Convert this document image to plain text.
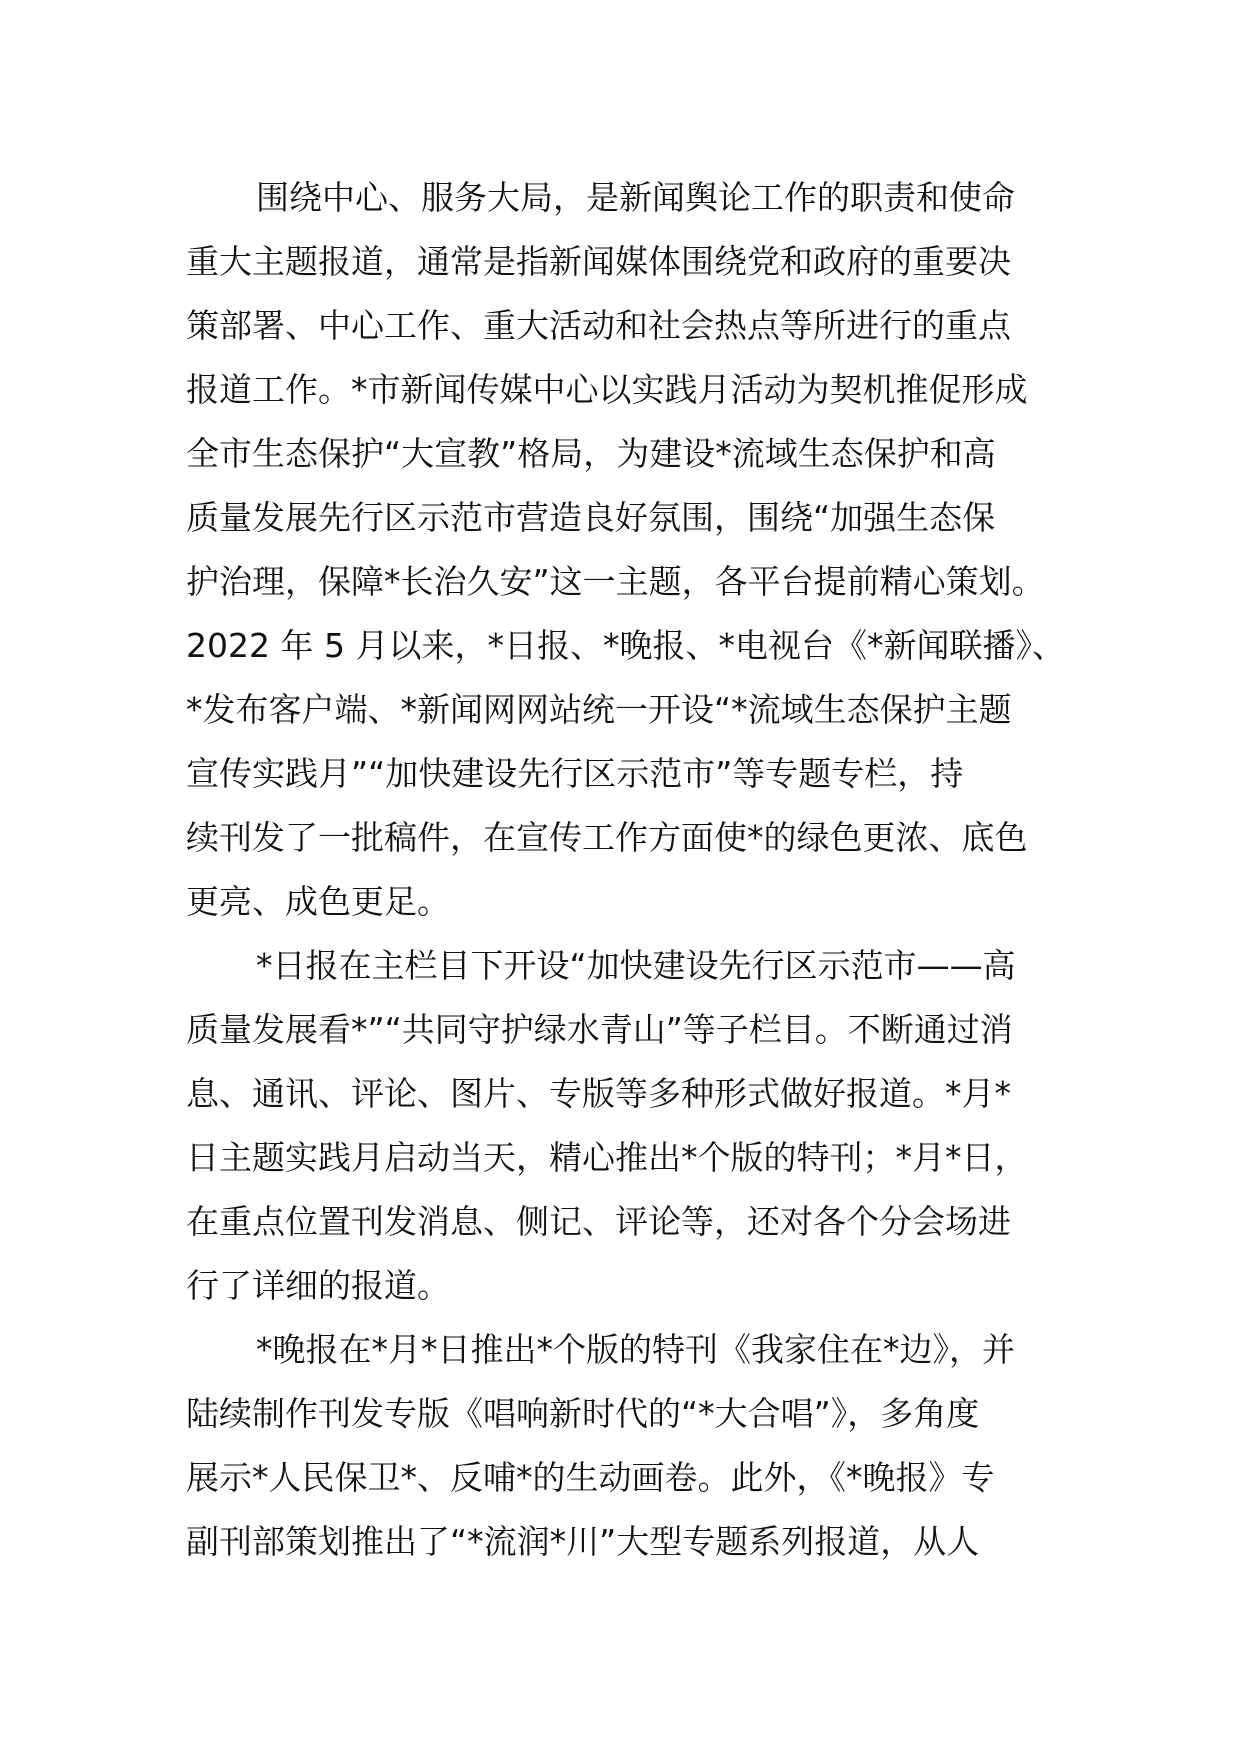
围绕中心、服务大局，是新闻舆论工作的职责和使命
重大主题报道，通常是指新闻媒体围绕党和政府的重要决
策部署、中心工作、重大活动和社会热点等所进行的重点
报道工作。*市新闻传媒中心以实践月活动为契机推促形成
全市生态保护“大宣教”格局，为建设*流域生态保护和高
质量发展先行区示范市营造良好氛围，围绕“加强生态保
护治理，保障*长治久安”这一主题，各平台提前精心策划。
2022 年 5 月以来，*日报、*晚报、*电视台《*新闻联播》、
*发布客户端、*新闻网网站统一开设“*流域生态保护主题
宣传实践月”“加快建设先行区示范市”等专题专栏，持
续刊发了一批稿件，在宣传工作方面使*的绿色更浓、底色
更亮、成色更足。
*日报在主栏目下开设“加快建设先行区示范市——高
质量发展看*”“共同守护绿水青山”等子栏目。不断通过消
息、通讯、评论、图片、专版等多种形式做好报道。*月*
日主题实践月启动当天，精心推出*个版的特刊；*月*日，
在重点位置刊发消息、侧记、评论等，还对各个分会场进
行了详细的报道。
*晚报在*月*日推出*个版的特刊《我家住在*边》，并
陆续制作刊发专版《唱响新时代的“*大合唱”》，多角度
展示*人民保卫*、反哺*的生动画卷。此外，《*晚报》专
副刊部策划推出了“*流润*川”大型专题系列报道，从人
